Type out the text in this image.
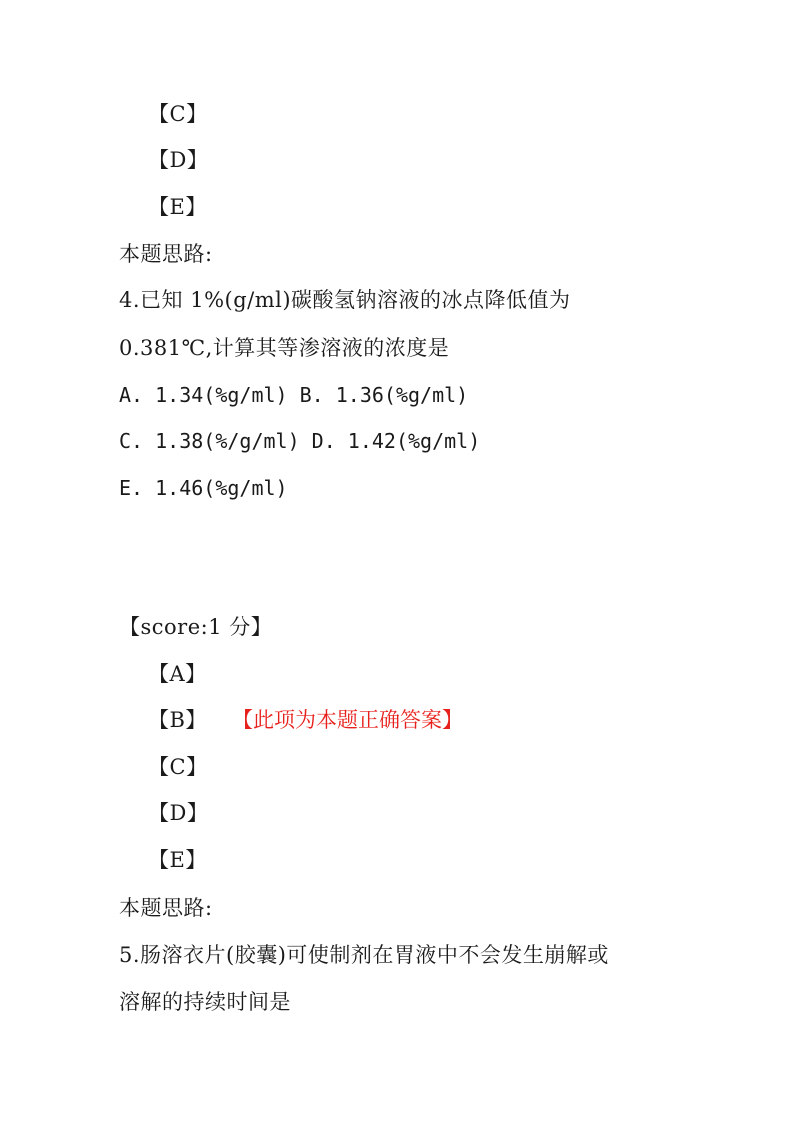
【C】
【D】
【E】
本题思路:
4.已知 1%(g/ml)碳酸氢钠溶液的冰点降低值为
0.381℃,计算其等渗溶液的浓度是
A. 1.34(%g/ml) B. 1.36(%g/ml)
C. 1.38(%/g/ml) D. 1.42(%g/ml)
E. 1.46(%g/ml)
【score:1 分】
【A】
【B】 【此项为本题正确答案】
【C】
【D】
【E】
本题思路:
5.肠溶衣片(胶囊)可使制剂在胃液中不会发生崩解或
溶解的持续时间是
